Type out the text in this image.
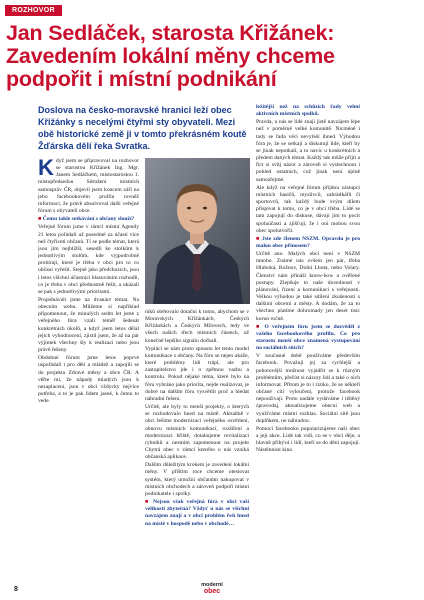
ROZHOVOR
Jan Sedláček, starosta Křižánek: Zavedením lokální měny chceme podpořit i místní podnikání

Doslova na česko-moravské hranici leží obec Křižánky s necelými čtyřmi sty obyvateli. Mezi obě historické země ji v tomto překrásném koutě Žďárska dělí řeka Svratka.

K dyž jsem se připravoval na rozhovor se starostou Křižánek Ing. Mgr. Janem Sedláčkem, místostarostou 1. místopředsedou Sdružení místních samospráv ČR, objevil jsem koncem září na jeho facebookovém profilu rovněž informaci, že právě absolvoval další veřejné fórum s obyvateli obce.

■ Čemu takle setkávání s občany slouží?

Veřejné fórum jsme v rámci místní Agendy 21 letos pořádali už posedmé za účasti více než čtyřiceti občanů. Tí se podle témat, která jsou jim nejbližší, sesedli ke stolkům k jednotlivým stolům, kde vyjpodrobně probírají, které je třeba v obci pro to co občani vyřešit. Stejně jako předchozích, jsou i letos všichni účastníci hlasováním rozhodli, co je třeba v obci přednostně řešit, a ukázali se pak s jednotlivými prioritami.

Projednávali jsme na dvanáct témat. Na obecním webu. Můžeme si například připomenout, že minulých sedm let jsme z veřejného fóra vzali téměř šedesát konkrétních úkolů, a když jsem letos dělal jejich vyhodnocení, zjistil jsem, že až na pár výjimek všechny šly k realizaci nebo jsou právě řešeny.

Obdobné fórum jsme letos poprvé uspořádali i pro děti a mládež a zapojili se do projektu Zdravé městy a obce ČR. A věřte mi, že nápady mladých jsou k nezaplacení, jsou v obci vždycky nejvíce potřeba, a to je pak lidem jasné, k čemu to vede.

níků obětovalo dotační k tomu, abychom se v Moravských Křižánkách, Českých Křižánkách a Českých Milovech, tedy ve všech našich třech místních částech, už konečně lepšího signálu dočkali.

Vyplácí se nám proto spoustu let tento model komunikace s občany. Na fóru se nejen ukáže, které problémy lidi trápí, ale pro zastupitelstvo jde i o zpětnou vazbu a kontrolu. Pokud nějaké téma, které bylo na fóru vybráno jako priorita, nejde realizovat, je dobré na dalším fóru vysvětlit proč a hledat náhradní řešení.

Určitě, ale byly to menší projekty, o kterých se rozhodovalo hned na místě. Aktuálně v obci řešíme modernizaci veřejného osvětlení, obnovu místních komunikací, rozšíření a modernizaci hřiště, dotahujeme revitalizaci rybníků a nesmím zapomenout na projekt Chytrá obec v rámci kterého u nás vzniká občanská aplikace.

Dalším důležitým krokem je zavedení lokální měny. V příštím roce chceme otestovat systém, který umožní občanům nakupovat v místních obchodech a zároveň podpoří místní podnikatele i spolky.

■ Nejsou však veřejná fóra v obci vaší velikosti zbytečná? Vždyť u nás se všichni navzájem znají a v obci problém řeší hned na místě v hospodě nebo v obchodě…

ležitější než na schůzích řady velmi aktivních místních spolků.

Pravda, u nás se lidé znají jistě navzájem lépe než v poměrně velké komunitě. Nicméně i tady se řada věcí nevyřeší ihned. Výhodou fóra je, že se setkají a diskutují lidé, kteří by se jinak nepotkali, a to navíc u konkrétních a předem daných témat. Každý tak může přijít a říct si svůj názor a zároveň si vyslechnout i pohled ostatních, což jinak není úplně samozřejmé.

Ale když na veřejné fórum přijdou zástupci místních hasičů, myslivců, zahrádkářů či sportovců, tak každý bude svým dílem přispívat k tomu, co je v obci třeba. Lidé se tam zapojují do diskuse, dávají jim to pocit spoluúčasti a zjišťují, že i oni mohou svou obec spolutvořit.

■ Jste zde členem NSZM. Opravdu je pro malou obec přínosem?

Určitě ano. Malých obcí není v NSZM mnoho. Známé nás ovšem jen pár, třeba Hluboká, Rožnov, Dolní Lhota, nebo Volary. Členství nám přináší know-how a ověřené postupy. Zlepšuje to naše dovednosti v plánování, řízení a komunikaci s veřejností. Velkou výhodou je také sdílení zkušeností s dalšími obcemi a městy. A dodám, že za to všechno platíme dohromady jen deset tisíc korun ročně.

■ O veřejném fóru jsem se dozvěděl z vašeho facebookového profilu. Co pro starostu menší obce znamená vystupování na sociálních sítích?

V současné době používáme především facebook. Považuji jej za rychlejší a pohotovější možnost vyjádřit se k různým problémům, přečíst si názory lidí a také o nich informovat. Přitom je tu i riziko, že se někteří občané cítí vyloučení, protože facebook nepoužívají. Proto nadále vydáváme i tištěný zpravodaj, aktualizujeme obecní web a využíváme místní rozhlas. Sociální sítě jsou doplňkem, ne náhradou.

Pomocí facebooku popularizujeme naši obec a její akce. Lidé tak vidí, co se v obci děje, a hlavně přibývá i lidí, kteří se do dění zapojují. Nástěnnost kina

8
moderní
obec
